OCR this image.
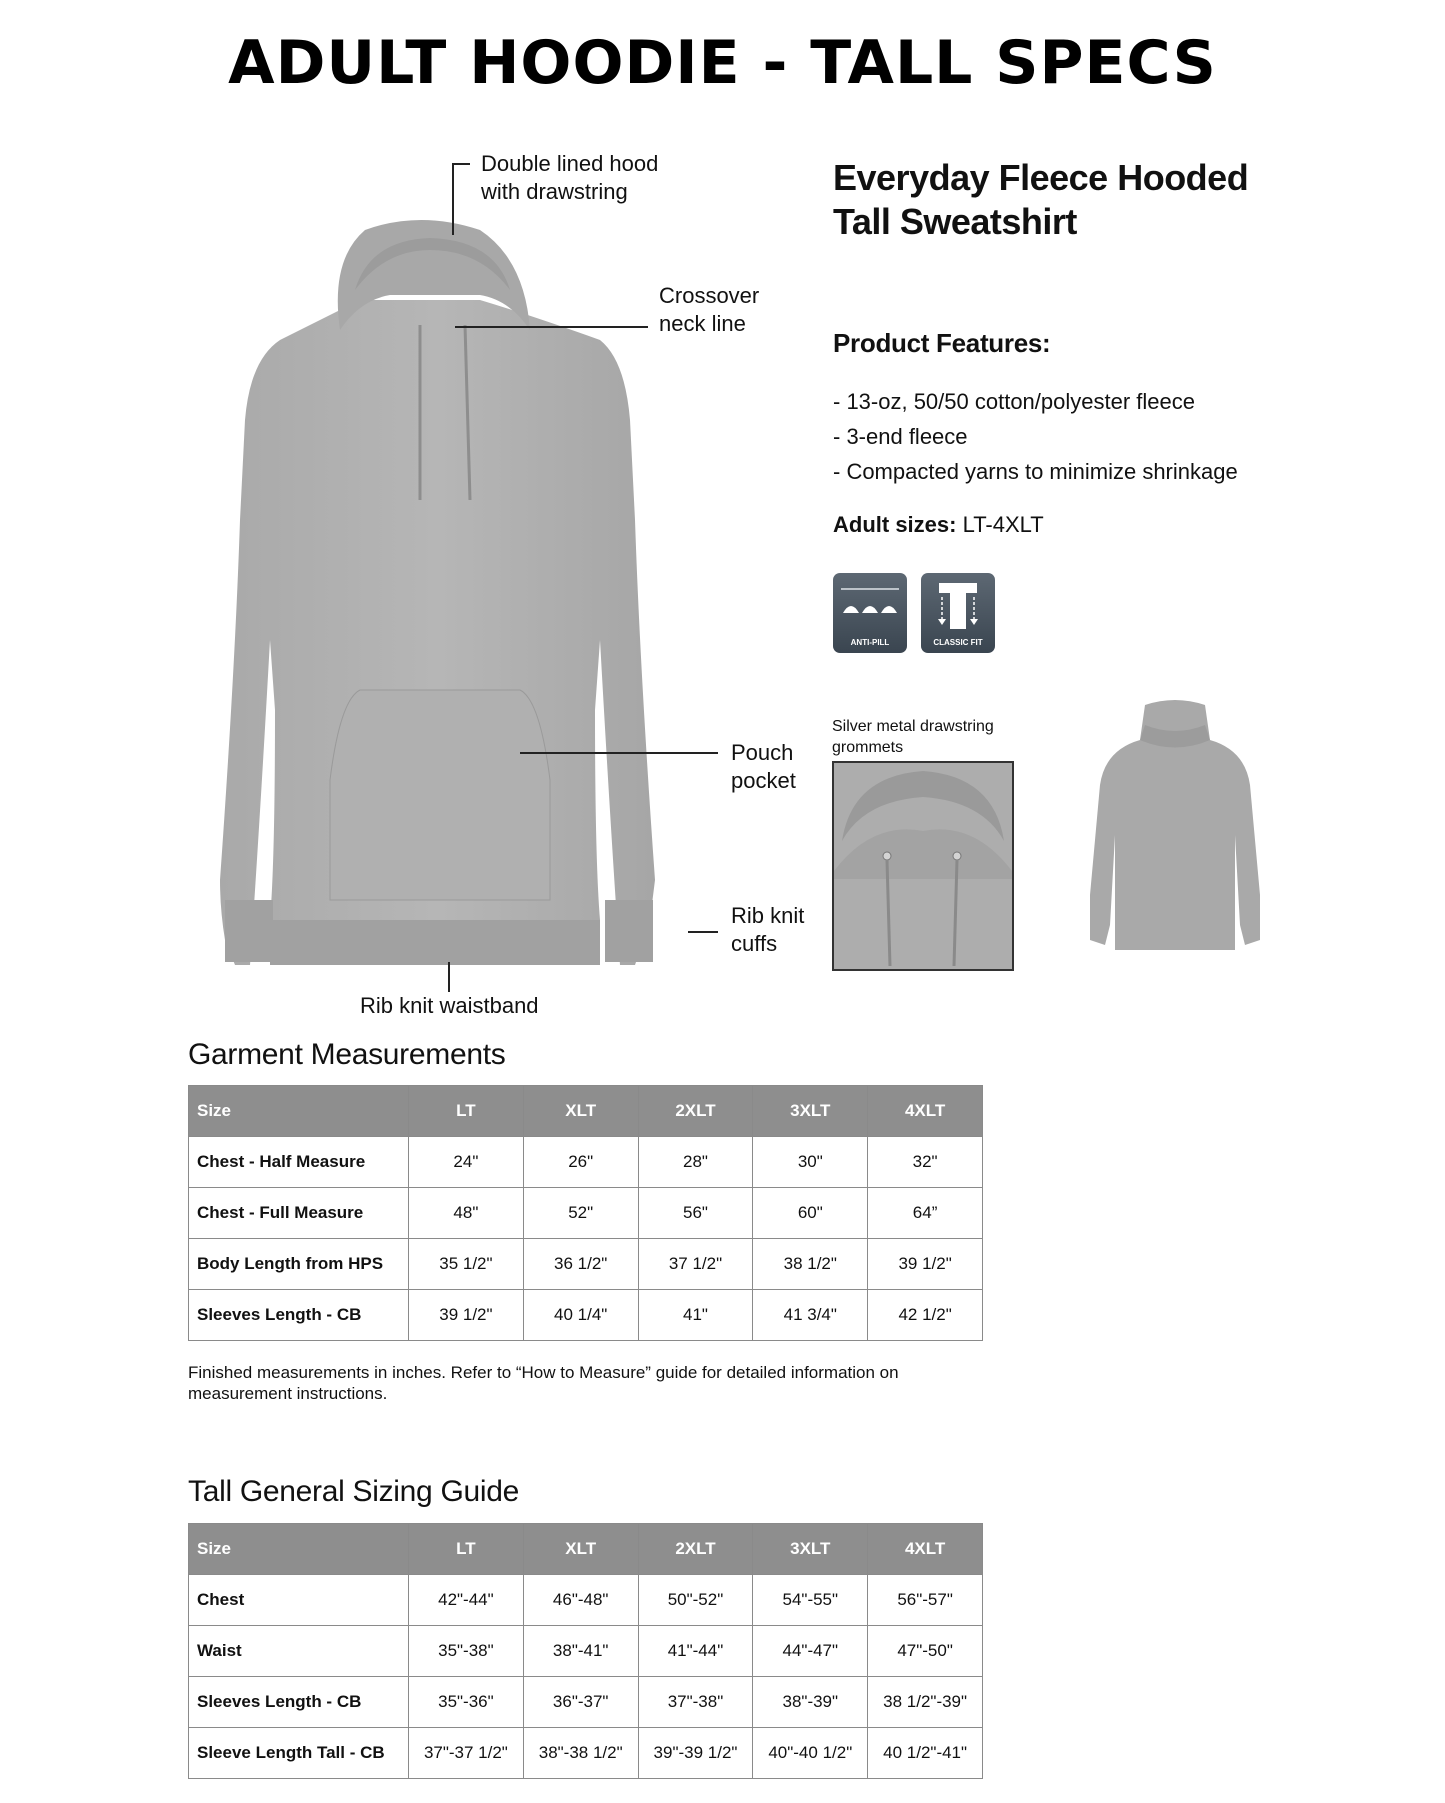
ADULT HOODIE - TALL SPECS
Double lined hood with drawstring
Crossover neck line
Pouch pocket
Rib knit cuffs
Rib knit waistband
Everyday Fleece Hooded
Tall Sweatshirt
Product Features:
- 13-oz, 50/50 cotton/polyester fleece
- 3-end fleece
- Compacted yarns to minimize shrinkage
Adult sizes: LT-4XLT
ANTI-PILL	CLASSIC FIT
Silver metal drawstring grommets
Garment Measurements
Size	LT	XLT	2XLT	3XLT	4XLT
Chest - Half Measure	24"	26"	28"	30"	32"
Chest - Full Measure	48"	52"	56"	60"	64”
Body Length from HPS	35 1/2"	36 1/2"	37 1/2"	38 1/2"	39 1/2"
Sleeves Length - CB	39 1/2"	40 1/4"	41"	41 3/4"	42 1/2"
Finished measurements in inches. Refer to “How to Measure” guide for detailed information on measurement instructions.
Tall General Sizing Guide
Size	LT	XLT	2XLT	3XLT	4XLT
Chest	42"-44"	46"-48"	50"-52"	54"-55"	56"-57"
Waist	35"-38"	38"-41"	41"-44"	44"-47"	47"-50"
Sleeves Length - CB	35"-36"	36"-37"	37"-38"	38"-39"	38 1/2"-39"
Sleeve Length Tall - CB	37"-37 1/2"	38"-38 1/2"	39"-39 1/2"	40"-40 1/2"	40 1/2"-41"
